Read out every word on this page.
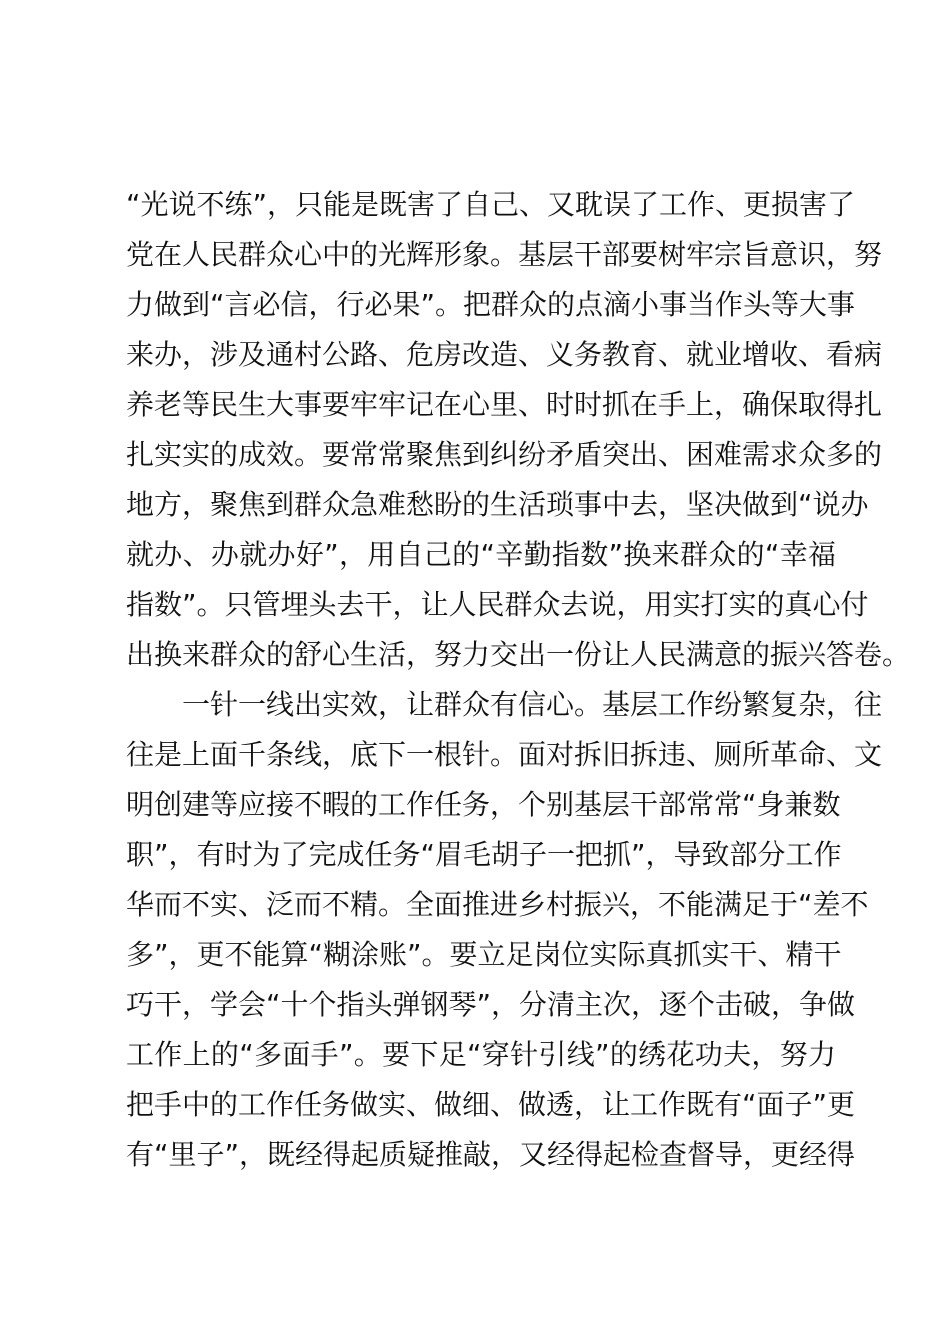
“光说不练”，只能是既害了自己、又耽误了工作、更损害了
党在人民群众心中的光辉形象。基层干部要树牢宗旨意识，努
力做到“言必信，行必果”。把群众的点滴小事当作头等大事
来办，涉及通村公路、危房改造、义务教育、就业增收、看病
养老等民生大事要牢牢记在心里、时时抓在手上，确保取得扎
扎实实的成效。要常常聚焦到纠纷矛盾突出、困难需求众多的
地方，聚焦到群众急难愁盼的生活琐事中去，坚决做到“说办
就办、办就办好”，用自己的“辛勤指数”换来群众的“幸福
指数”。只管埋头去干，让人民群众去说，用实打实的真心付
出换来群众的舒心生活，努力交出一份让人民满意的振兴答卷。
　　一针一线出实效，让群众有信心。基层工作纷繁复杂，往
往是上面千条线，底下一根针。面对拆旧拆违、厕所革命、文
明创建等应接不暇的工作任务，个别基层干部常常“身兼数
职”，有时为了完成任务“眉毛胡子一把抓”，导致部分工作
华而不实、泛而不精。全面推进乡村振兴，不能满足于“差不
多”，更不能算“糊涂账”。要立足岗位实际真抓实干、精干
巧干，学会“十个指头弹钢琴”，分清主次，逐个击破，争做
工作上的“多面手”。要下足“穿针引线”的绣花功夫，努力
把手中的工作任务做实、做细、做透，让工作既有“面子”更
有“里子”，既经得起质疑推敲，又经得起检查督导，更经得
